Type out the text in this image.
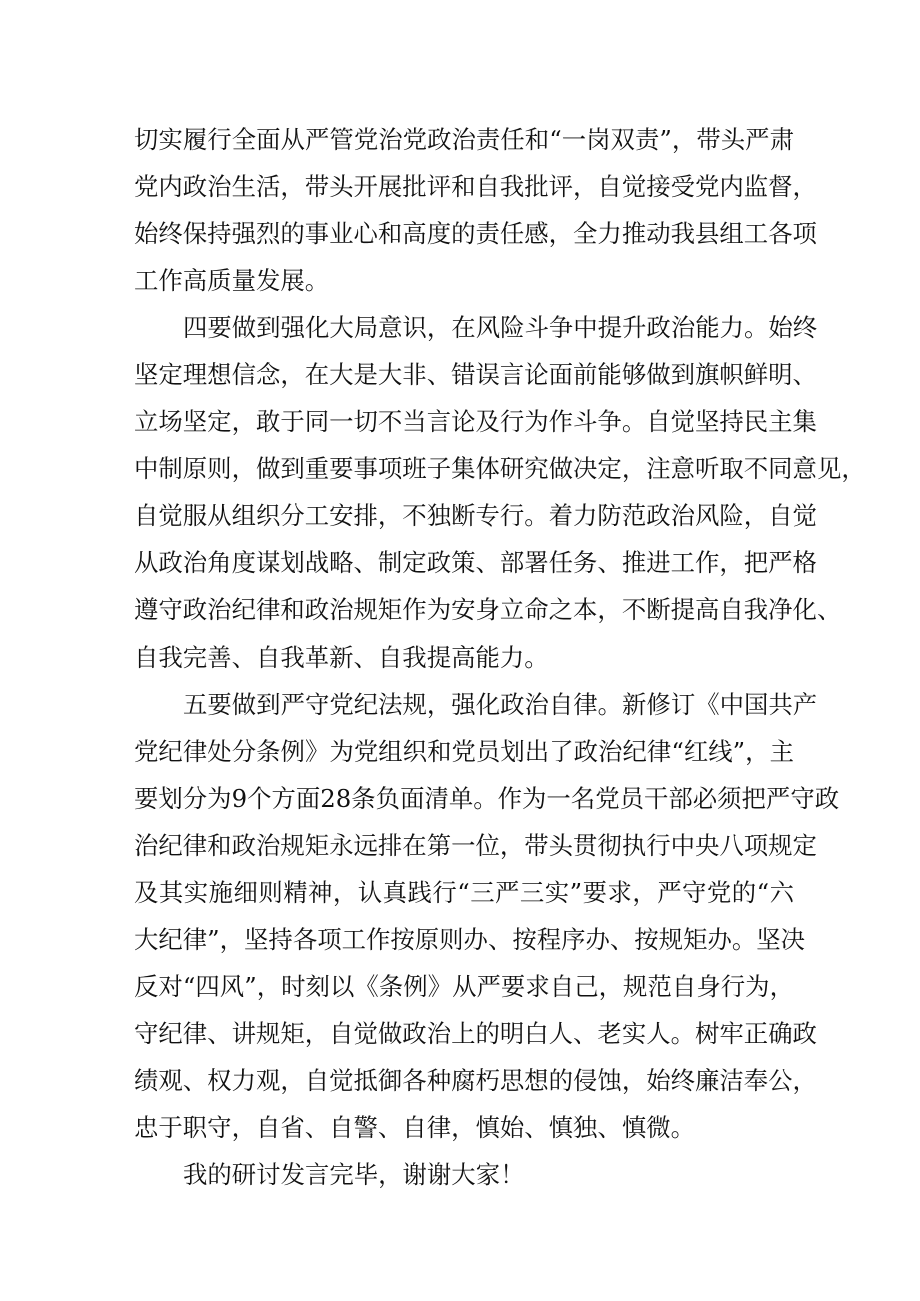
切实履行全面从严管党治党政治责任和“一岗双责”，带头严肃
党内政治生活，带头开展批评和自我批评，自觉接受党内监督，
始终保持强烈的事业心和高度的责任感，全力推动我县组工各项
工作高质量发展。
四要做到强化大局意识，在风险斗争中提升政治能力。始终
坚定理想信念，在大是大非、错误言论面前能够做到旗帜鲜明、
立场坚定，敢于同一切不当言论及行为作斗争。自觉坚持民主集
中制原则，做到重要事项班子集体研究做决定，注意听取不同意见，
自觉服从组织分工安排，不独断专行。着力防范政治风险，自觉
从政治角度谋划战略、制定政策、部署任务、推进工作，把严格
遵守政治纪律和政治规矩作为安身立命之本，不断提高自我净化、
自我完善、自我革新、自我提高能力。
五要做到严守党纪法规，强化政治自律。新修订《中国共产
党纪律处分条例》为党组织和党员划出了政治纪律“红线”，主
要划分为9个方面28条负面清单。作为一名党员干部必须把严守政
治纪律和政治规矩永远排在第一位，带头贯彻执行中央八项规定
及其实施细则精神，认真践行“三严三实”要求，严守党的“六
大纪律”，坚持各项工作按原则办、按程序办、按规矩办。坚决
反对“四风”，时刻以《条例》从严要求自己，规范自身行为，
守纪律、讲规矩，自觉做政治上的明白人、老实人。树牢正确政
绩观、权力观，自觉抵御各种腐朽思想的侵蚀，始终廉洁奉公，
忠于职守，自省、自警、自律，慎始、慎独、慎微。
我的研讨发言完毕，谢谢大家！
